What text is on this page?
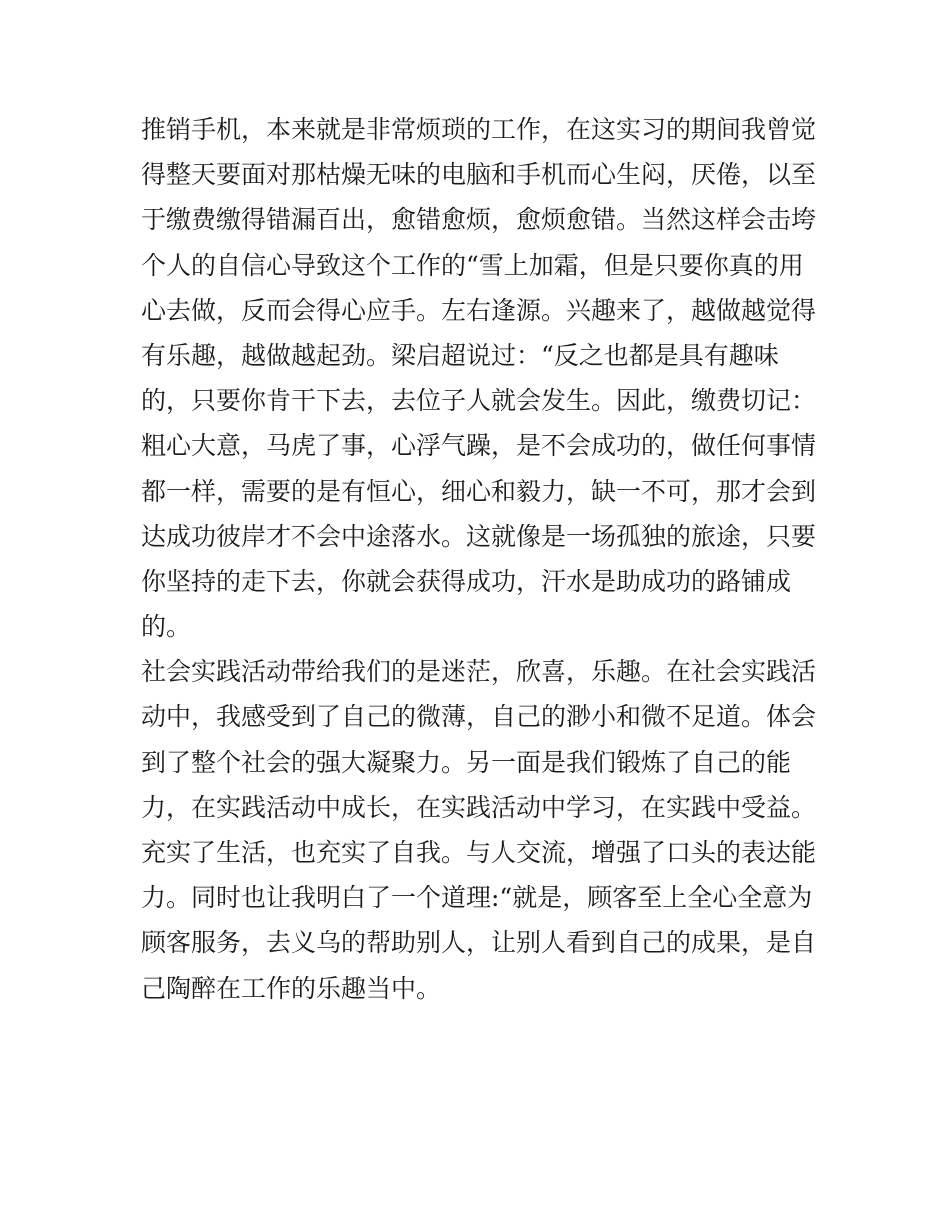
推销手机，本来就是非常烦琐的工作，在这实习的期间我曾觉
得整天要面对那枯燥无味的电脑和手机而心生闷，厌倦，以至
于缴费缴得错漏百出，愈错愈烦，愈烦愈错。当然这样会击垮
个人的自信心导致这个工作的“雪上加霜，但是只要你真的用
心去做，反而会得心应手。左右逢源。兴趣来了，越做越觉得
有乐趣，越做越起劲。梁启超说过：“反之也都是具有趣味
的，只要你肯干下去，去位子人就会发生。因此，缴费切记：
粗心大意，马虎了事，心浮气躁，是不会成功的，做任何事情
都一样，需要的是有恒心，细心和毅力，缺一不可，那才会到
达成功彼岸才不会中途落水。这就像是一场孤独的旅途，只要
你坚持的走下去，你就会获得成功，汗水是助成功的路铺成
的。
社会实践活动带给我们的是迷茫，欣喜，乐趣。在社会实践活
动中，我感受到了自己的微薄，自己的渺小和微不足道。体会
到了整个社会的强大凝聚力。另一面是我们锻炼了自己的能
力，在实践活动中成长，在实践活动中学习，在实践中受益。
充实了生活，也充实了自我。与人交流，增强了口头的表达能
力。同时也让我明白了一个道理:“就是，顾客至上全心全意为
顾客服务，去义乌的帮助别人，让别人看到自己的成果，是自
己陶醉在工作的乐趣当中。
